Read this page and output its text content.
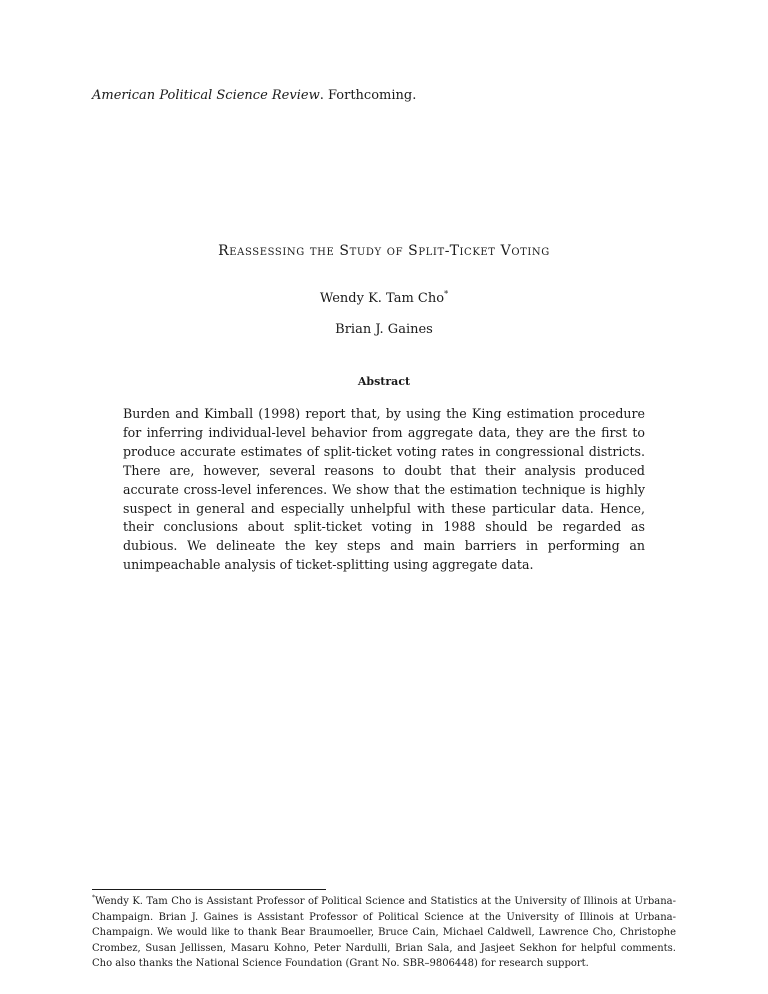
American Political Science Review. Forthcoming.
Reassessing the Study of Split-Ticket Voting
Wendy K. Tam Cho*
Brian J. Gaines
Abstract
Burden and Kimball (1998) report that, by using the King estimation procedure for inferring individual-level behavior from aggregate data, they are the first to produce accurate estimates of split-ticket voting rates in congressional districts. There are, however, several reasons to doubt that their analysis produced accurate cross-level inferences. We show that the estimation technique is highly suspect in general and especially unhelpful with these particular data. Hence, their conclusions about split-ticket voting in 1988 should be regarded as dubious. We delineate the key steps and main barriers in performing an unimpeachable analysis of ticket-splitting using aggregate data.
*Wendy K. Tam Cho is Assistant Professor of Political Science and Statistics at the University of Illinois at Urbana-Champaign. Brian J. Gaines is Assistant Professor of Political Science at the University of Illinois at Urbana-Champaign. We would like to thank Bear Braumoeller, Bruce Cain, Michael Caldwell, Lawrence Cho, Christophe Crombez, Susan Jellissen, Masaru Kohno, Peter Nardulli, Brian Sala, and Jasjeet Sekhon for helpful comments. Cho also thanks the National Science Foundation (Grant No. SBR–9806448) for research support.
